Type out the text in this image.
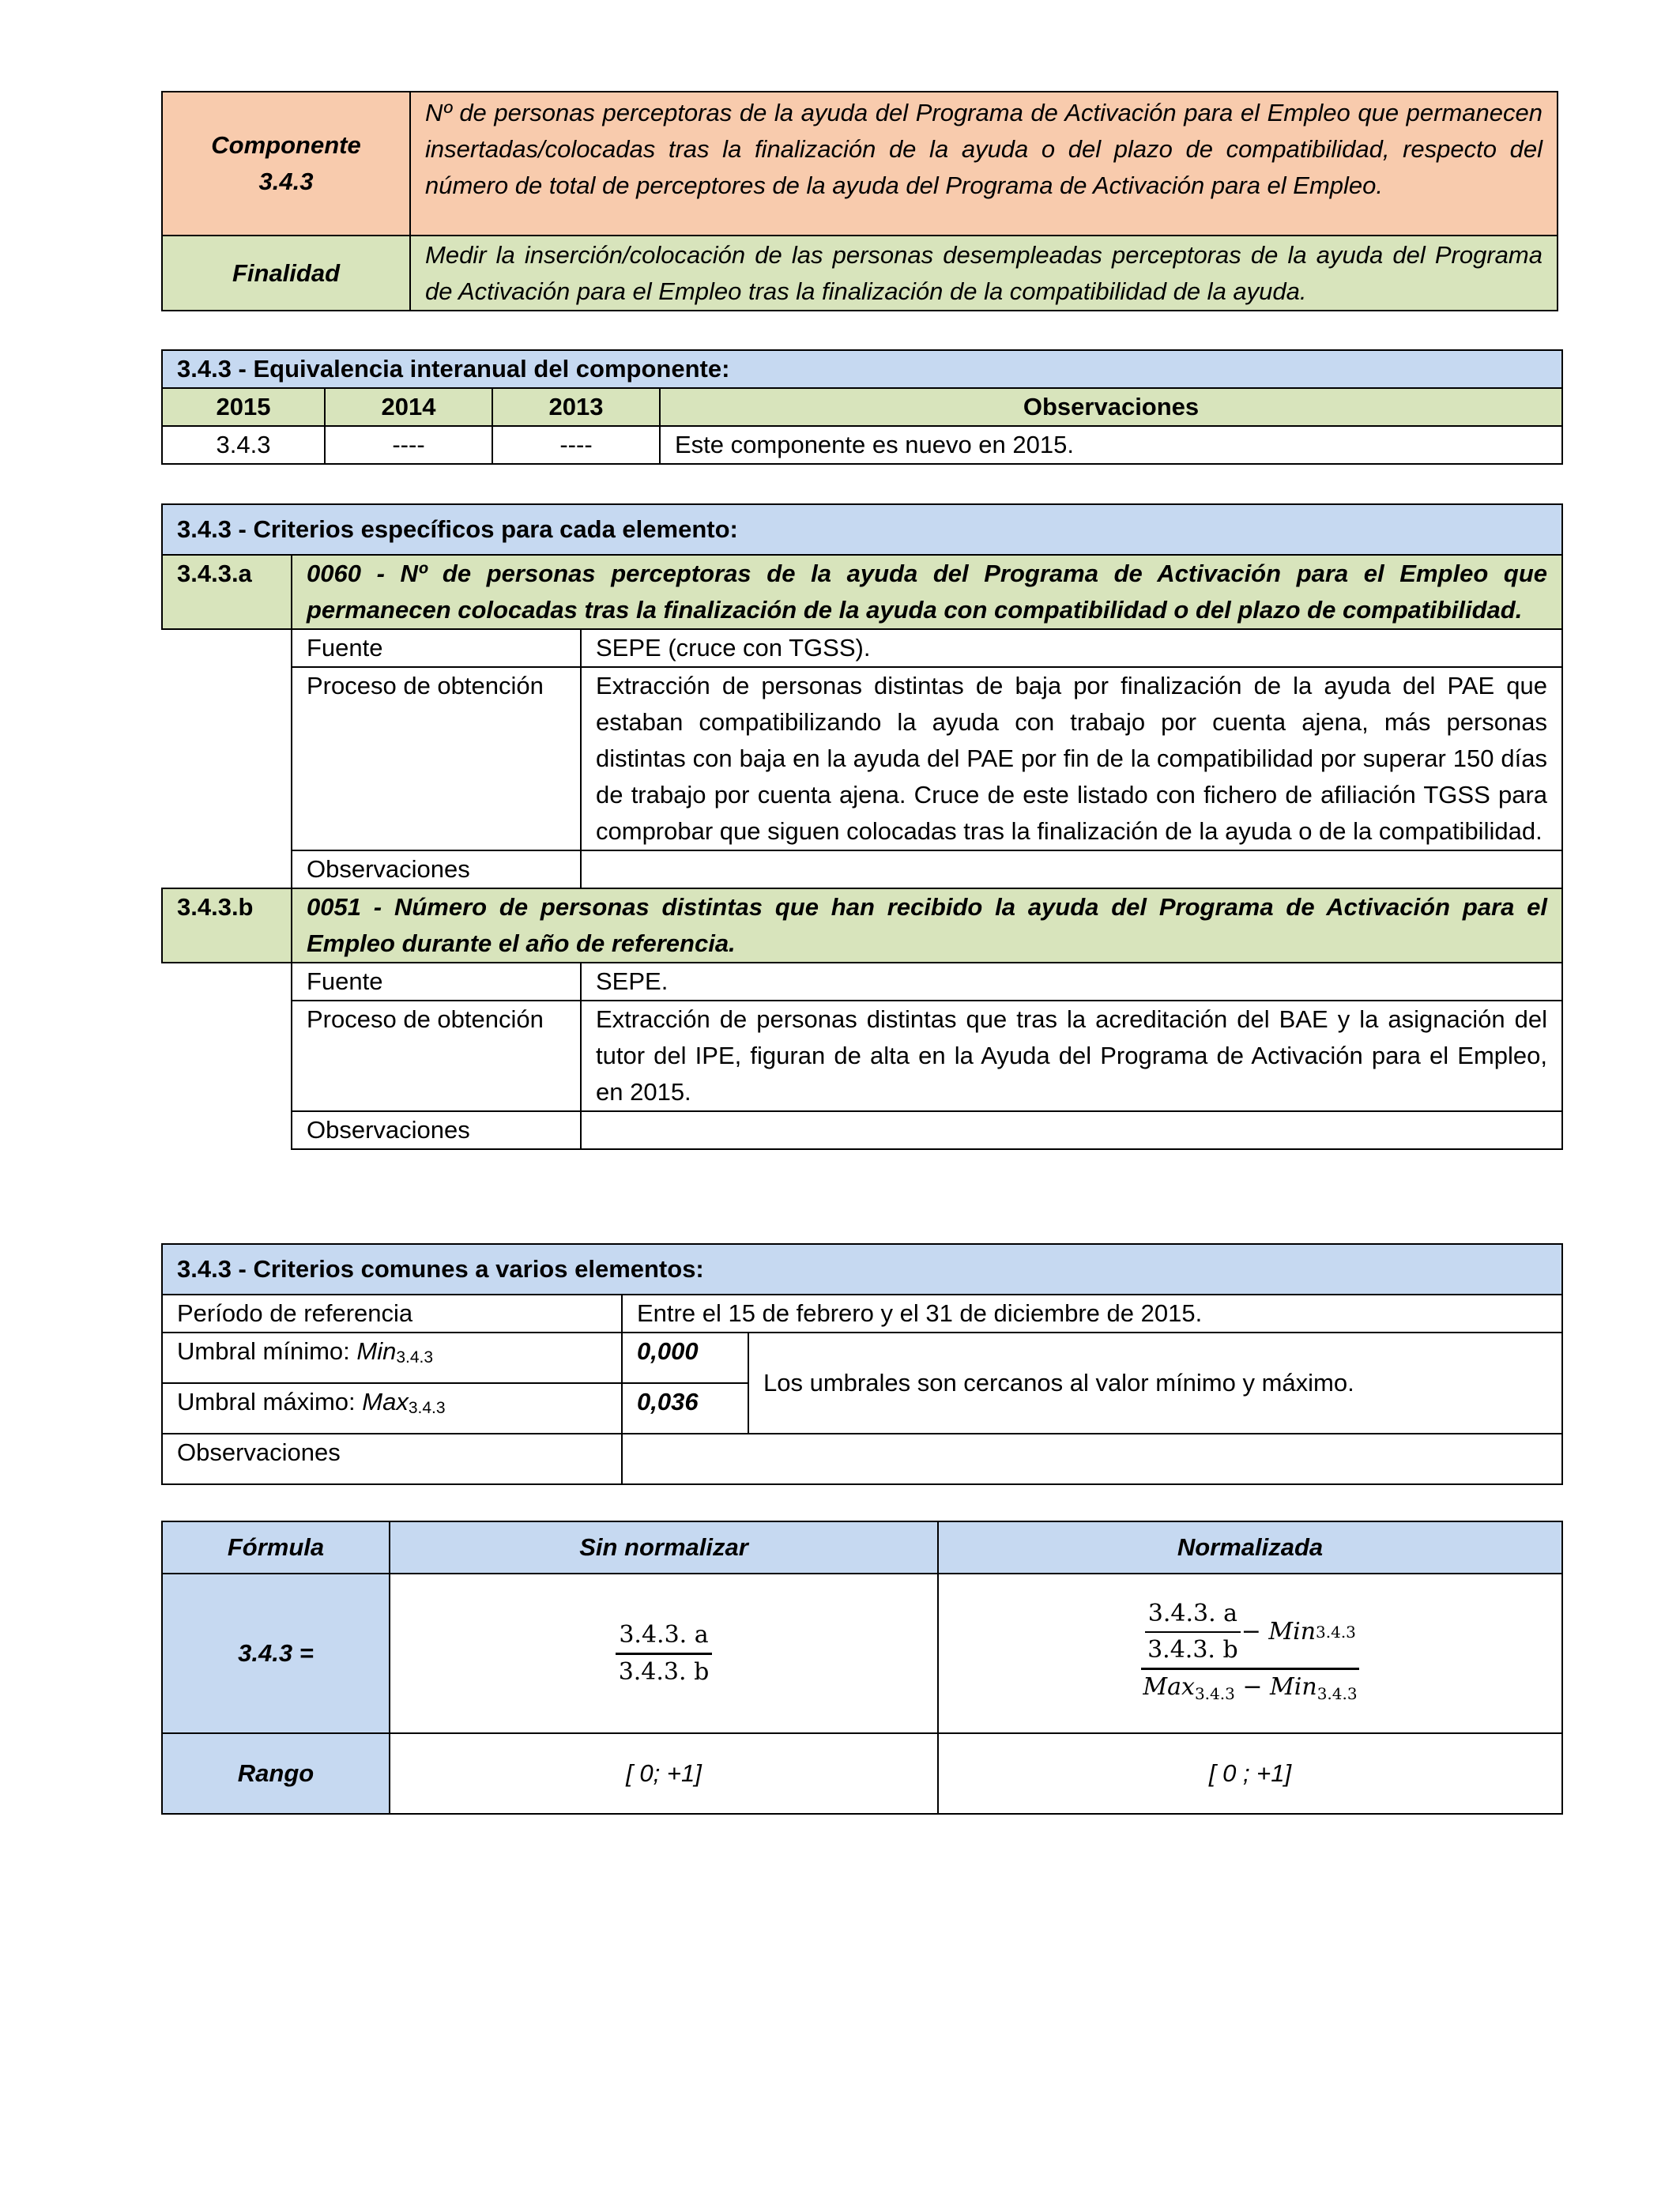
Componente
3.4.3	Nº de personas perceptoras de la ayuda del Programa de Activación para el Empleo que permanecen insertadas/colocadas tras la finalización de la ayuda o del plazo de compatibilidad, respecto del número de total de perceptores de la ayuda del Programa de Activación para el Empleo.
Finalidad	Medir la inserción/colocación de las personas desempleadas perceptoras de la ayuda del Programa de Activación para el Empleo tras la finalización de la compatibilidad de la ayuda.
3.4.3 - Equivalencia interanual del componente:			
2015	2014	2013	Observaciones
3.4.3	----	----	Este componente es nuevo en 2015.
3.4.3 - Criterios específicos para cada elemento:		
3.4.3.a	0060 - Nº de personas perceptoras de la ayuda del Programa de Activación para el Empleo que permanecen colocadas tras la finalización de la ayuda con compatibilidad o del plazo de compatibilidad.	
	Fuente	SEPE (cruce con TGSS).
	Proceso de obtención	Extracción de personas distintas de baja por finalización de la ayuda del PAE que estaban compatibilizando la ayuda con trabajo por cuenta ajena, más personas distintas con baja en la ayuda del PAE por fin de la compatibilidad por superar 150 días de trabajo por cuenta ajena. Cruce de este listado con fichero de afiliación TGSS para comprobar que siguen colocadas tras la finalización de la ayuda o de la compatibilidad.
	Observaciones	
3.4.3.b	0051 - Número de personas distintas que han recibido la ayuda del Programa de Activación para el Empleo durante el año de referencia.	
	Fuente	SEPE.
	Proceso de obtención	Extracción de personas distintas que tras la acreditación del BAE y la asignación del tutor del IPE, figuran de alta en la Ayuda del Programa de Activación para el Empleo, en 2015.
	Observaciones	
3.4.3 - Criterios comunes a varios elementos:		
Período de referencia	Entre el 15 de febrero y el 31 de diciembre de 2015.	
Umbral mínimo: Min3.4.3	0,000	Los umbrales son cercanos al valor mínimo y máximo.
Umbral máximo: Max3.4.3	0,036	
Observaciones		
Fórmula	Sin normalizar	Normalizada
3.4.3 =	$\frac{3.4.3. a}{3.4.3. b}$	$\frac{3.4.3. a}{3.4.3. b}$ − Min 3.4.3
Max$_{3.4.3}$ − Min$_{3.4.3}$

Rango	[ 0; +1]	[ 0 ; +1]
